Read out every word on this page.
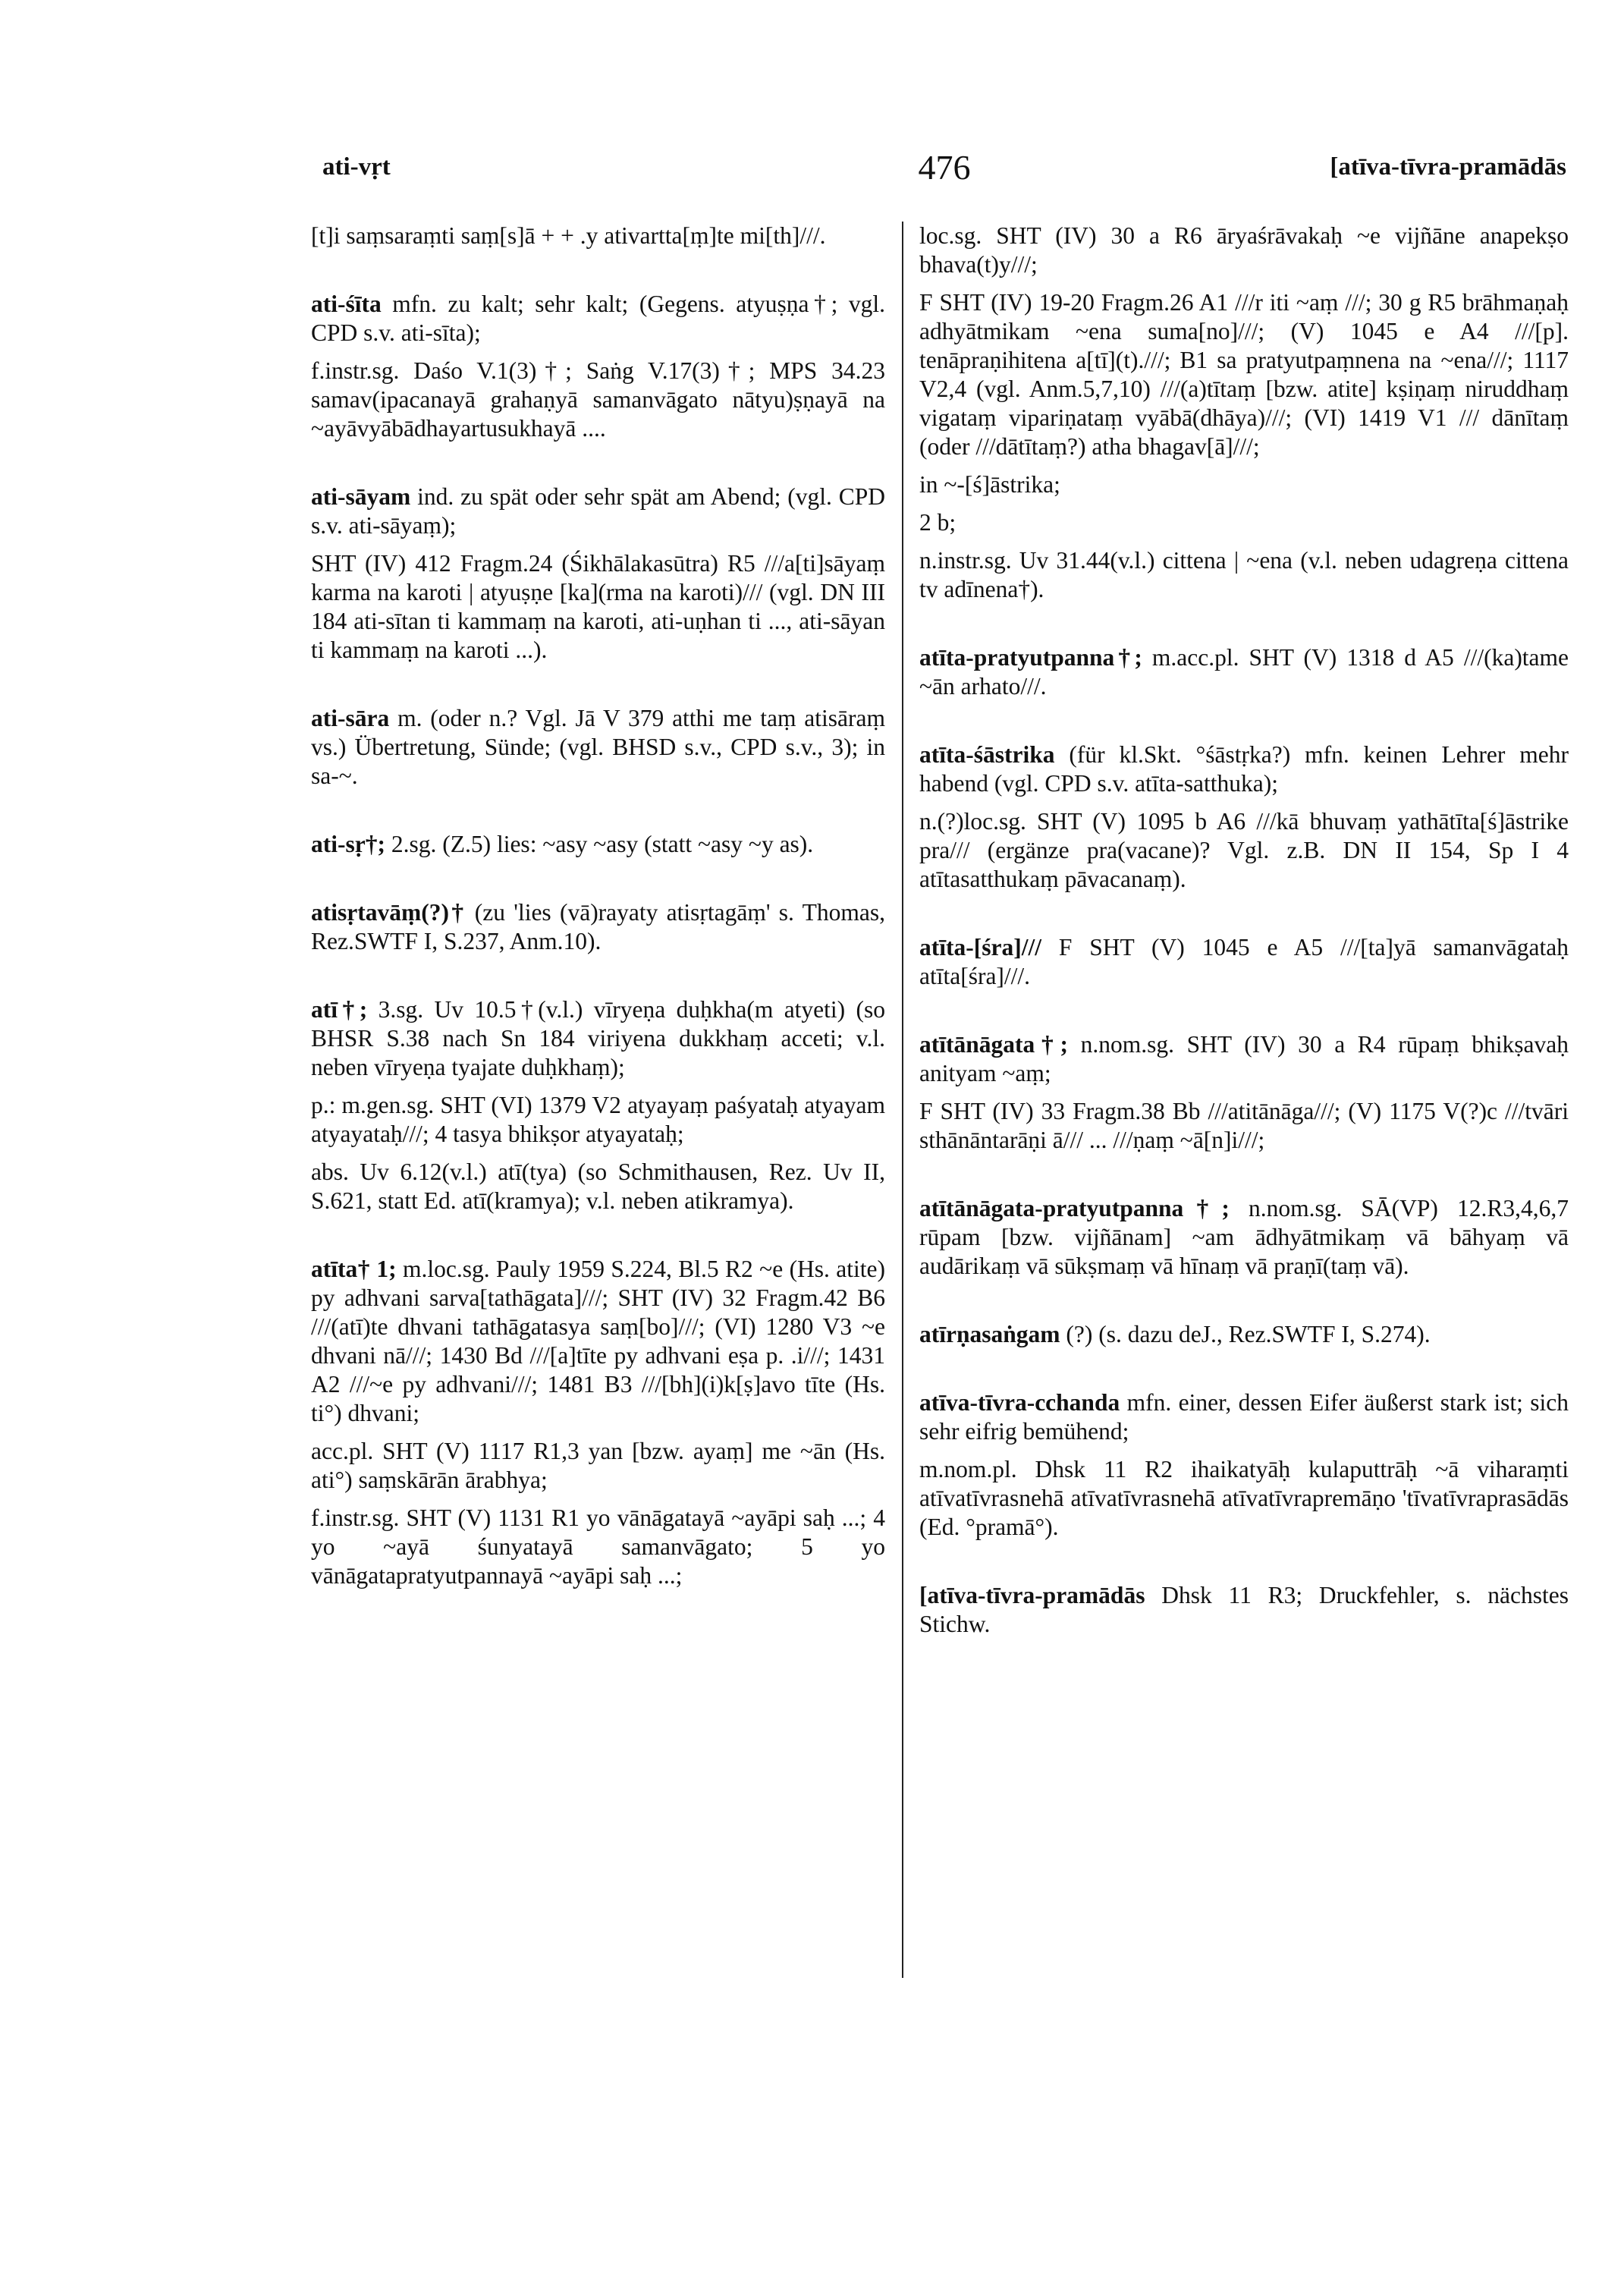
ati-vṛt	476	[atīva-tīvra-pramādās
[t]i saṃsaraṃti saṃ[s]ā + + .y ativartta[ṃ]te mi[th]///.
ati-śīta mfn. zu kalt; sehr kalt; (Gegens. atyuṣṇa†; vgl. CPD s.v. ati-sīta);
f.instr.sg. Daśo V.1(3)†; Saṅg V.17(3)†; MPS 34.23 samav(ipacanayā grahaṇyā samanvāgato nātyu)ṣṇayā na ~ayāvyābādhayartusukhayā ....
ati-sāyam ind. zu spät oder sehr spät am Abend; (vgl. CPD s.v. ati-sāyaṃ);
SHT (IV) 412 Fragm.24 (Śikhālakasūtra) R5 ///a[ti]sāyaṃ karma na karoti | atyuṣṇe [ka](rma na karoti)/// (vgl. DN III 184 ati-sītan ti kammaṃ na karoti, ati-uṇhan ti ..., ati-sāyan ti kammaṃ na karoti ...).
ati-sāra m. (oder n.? Vgl. Jā V 379 atthi me taṃ atisāraṃ vs.) Übertretung, Sünde; (vgl. BHSD s.v., CPD s.v., 3); in sa-~.
ati-sṛ†; 2.sg. (Z.5) lies: ~asy ~asy (statt ~asy ~y as).
atisṛtavāṃ(?)† (zu 'lies (vā)rayaty atisṛtagāṃ' s. Thomas, Rez.SWTF I, S.237, Anm.10).
atī†; 3.sg. Uv 10.5†(v.l.) vīryeṇa duḥkha(m atyeti) (so BHSR S.38 nach Sn 184 viriyena dukkhaṃ acceti; v.l. neben vīryeṇa tyajate duḥkhaṃ);
p.: m.gen.sg. SHT (VI) 1379 V2 atyayaṃ paśyataḥ atyayam atyayataḥ///; 4 tasya bhikṣor atyayataḥ;
abs. Uv 6.12(v.l.) atī(tya) (so Schmithausen, Rez. Uv II, S.621, statt Ed. atī(kramya); v.l. neben atikramya).
atīta† 1; m.loc.sg. Pauly 1959 S.224, Bl.5 R2 ~e (Hs. atite) py adhvani sarva[tathāgata]///; SHT (IV) 32 Fragm.42 B6 ///(atī)te dhvani tathāgatasya saṃ[bo]///; (VI) 1280 V3 ~e dhvani nā///; 1430 Bd ///[a]tīte py adhvani eṣa p. .i///; 1431 A2 ///~e py adhvani///; 1481 B3 ///[bh](i)k[ṣ]avo tīte (Hs. ti°) dhvani;
acc.pl. SHT (V) 1117 R1,3 yan [bzw. ayaṃ] me ~ān (Hs. ati°) saṃskārān ārabhya;
f.instr.sg. SHT (V) 1131 R1 yo vānāgatayā ~ayāpi saḥ ...; 4 yo ~ayā śunyatayā samanvāgato; 5 yo vānāgatapratyutpannayā ~ayāpi saḥ ...;
loc.sg. SHT (IV) 30 a R6 āryaśrāvakaḥ ~e vijñāne anapekṣo bhava(t)y///;
F SHT (IV) 19-20 Fragm.26 A1 ///r iti ~aṃ ///; 30 g R5 brāhmaṇaḥ adhyātmikam ~ena suma[no]///; (V) 1045 e A4 ///[p]. tenāpraṇihitena a[tī](t).///; B1 sa pratyutpaṃnena na ~ena///; 1117 V2,4 (vgl. Anm.5,7,10) ///(a)tītaṃ [bzw. atite] kṣiṇaṃ niruddhaṃ vigataṃ vipariṇataṃ vyābā(dhāya)///; (VI) 1419 V1 /// dānītaṃ (oder ///dātītaṃ?) atha bhagav[ā]///;
in ~-[ś]āstrika;
2 b;
n.instr.sg. Uv 31.44(v.l.) cittena | ~ena (v.l. neben udagreṇa cittena tv adīnena†).
atīta-pratyutpanna†; m.acc.pl. SHT (V) 1318 d A5 ///(ka)tame ~ān arhato///.
atīta-śāstrika (für kl.Skt. °śāstṛka?) mfn. keinen Lehrer mehr habend (vgl. CPD s.v. atīta-satthuka);
n.(?)loc.sg. SHT (V) 1095 b A6 ///kā bhuvaṃ yathātīta[ś]āstrike pra/// (ergänze pra(vacane)? Vgl. z.B. DN II 154, Sp I 4 atītasatthukaṃ pāvacanaṃ).
atīta-[śra]/// F SHT (V) 1045 e A5 ///[ta]yā samanvāgataḥ atīta[śra]///.
atītānāgata†; n.nom.sg. SHT (IV) 30 a R4 rūpaṃ bhikṣavaḥ anityam ~aṃ;
F SHT (IV) 33 Fragm.38 Bb ///atitānāga///; (V) 1175 V(?)c ///tvāri sthānāntarāṇi ā/// ... ///ṇaṃ ~ā[n]i///;
atītānāgata-pratyutpanna†; n.nom.sg. SĀ(VP) 12.R3,4,6,7 rūpam [bzw. vijñānam] ~am ādhyātmikaṃ vā bāhyaṃ vā audārikaṃ vā sūkṣmaṃ vā hīnaṃ vā praṇī(taṃ vā).
atīrṇasaṅgam (?) (s. dazu deJ., Rez.SWTF I, S.274).
atīva-tīvra-cchanda mfn. einer, dessen Eifer äußerst stark ist; sich sehr eifrig bemühend;
m.nom.pl. Dhsk 11 R2 ihaikatyāḥ kulaputtrāḥ ~ā viharaṃti atīvatīvrasnehā atīvatīvrasnehā atīvatīvrapremāṇo 'tīvatīvraprasādās (Ed. °pramā°).
[atīva-tīvra-pramādās Dhsk 11 R3; Druckfehler, s. nächstes Stichw.
